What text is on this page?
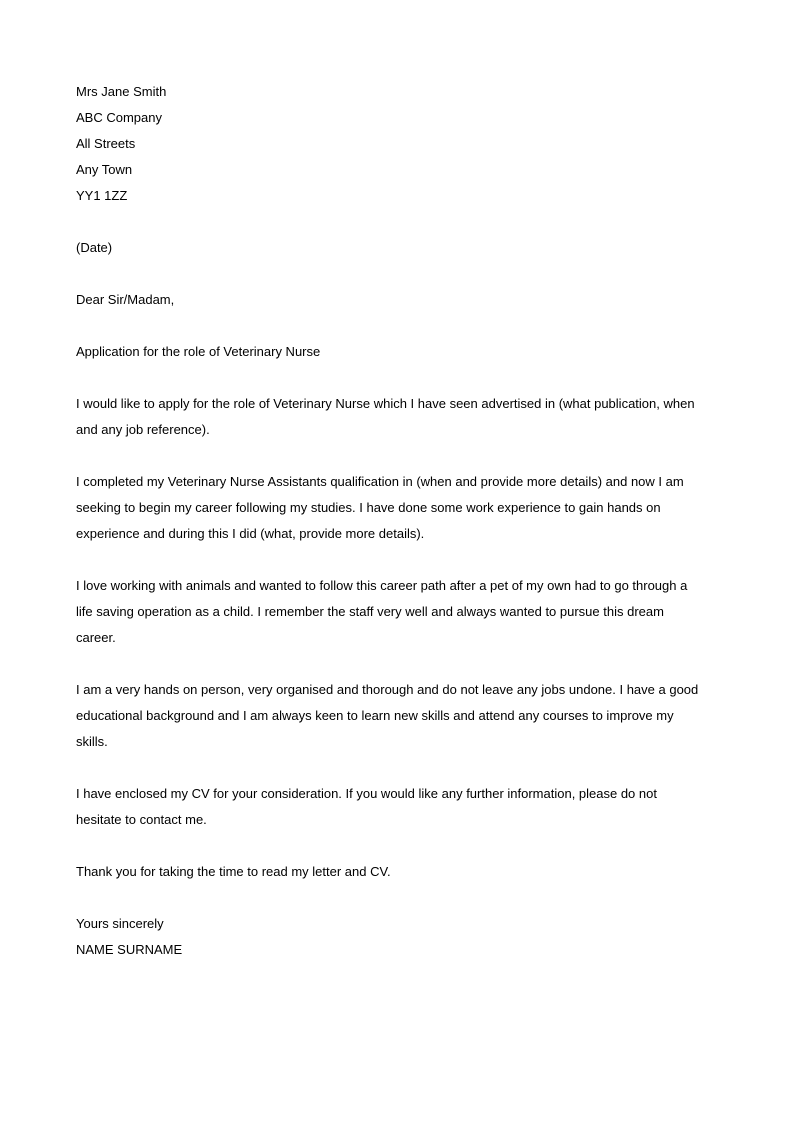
Mrs Jane Smith
ABC Company
All Streets
Any Town
YY1 1ZZ
(Date)
Dear Sir/Madam,
Application for the role of Veterinary Nurse
I would like to apply for the role of Veterinary Nurse which I have seen advertised in (what publication, when
and any job reference).
I completed my Veterinary Nurse Assistants qualification in (when and provide more details) and now I am
seeking to begin my career following my studies. I have done some work experience to gain hands on
experience and during this I did (what, provide more details).
I love working with animals and wanted to follow this career path after a pet of my own had to go through a
life saving operation as a child. I remember the staff very well and always wanted to pursue this dream
career.
I am a very hands on person, very organised and thorough and do not leave any jobs undone. I have a good
educational background and I am always keen to learn new skills and attend any courses to improve my
skills.
I have enclosed my CV for your consideration. If you would like any further information, please do not
hesitate to contact me.
Thank you for taking the time to read my letter and CV.
Yours sincerely
NAME SURNAME
